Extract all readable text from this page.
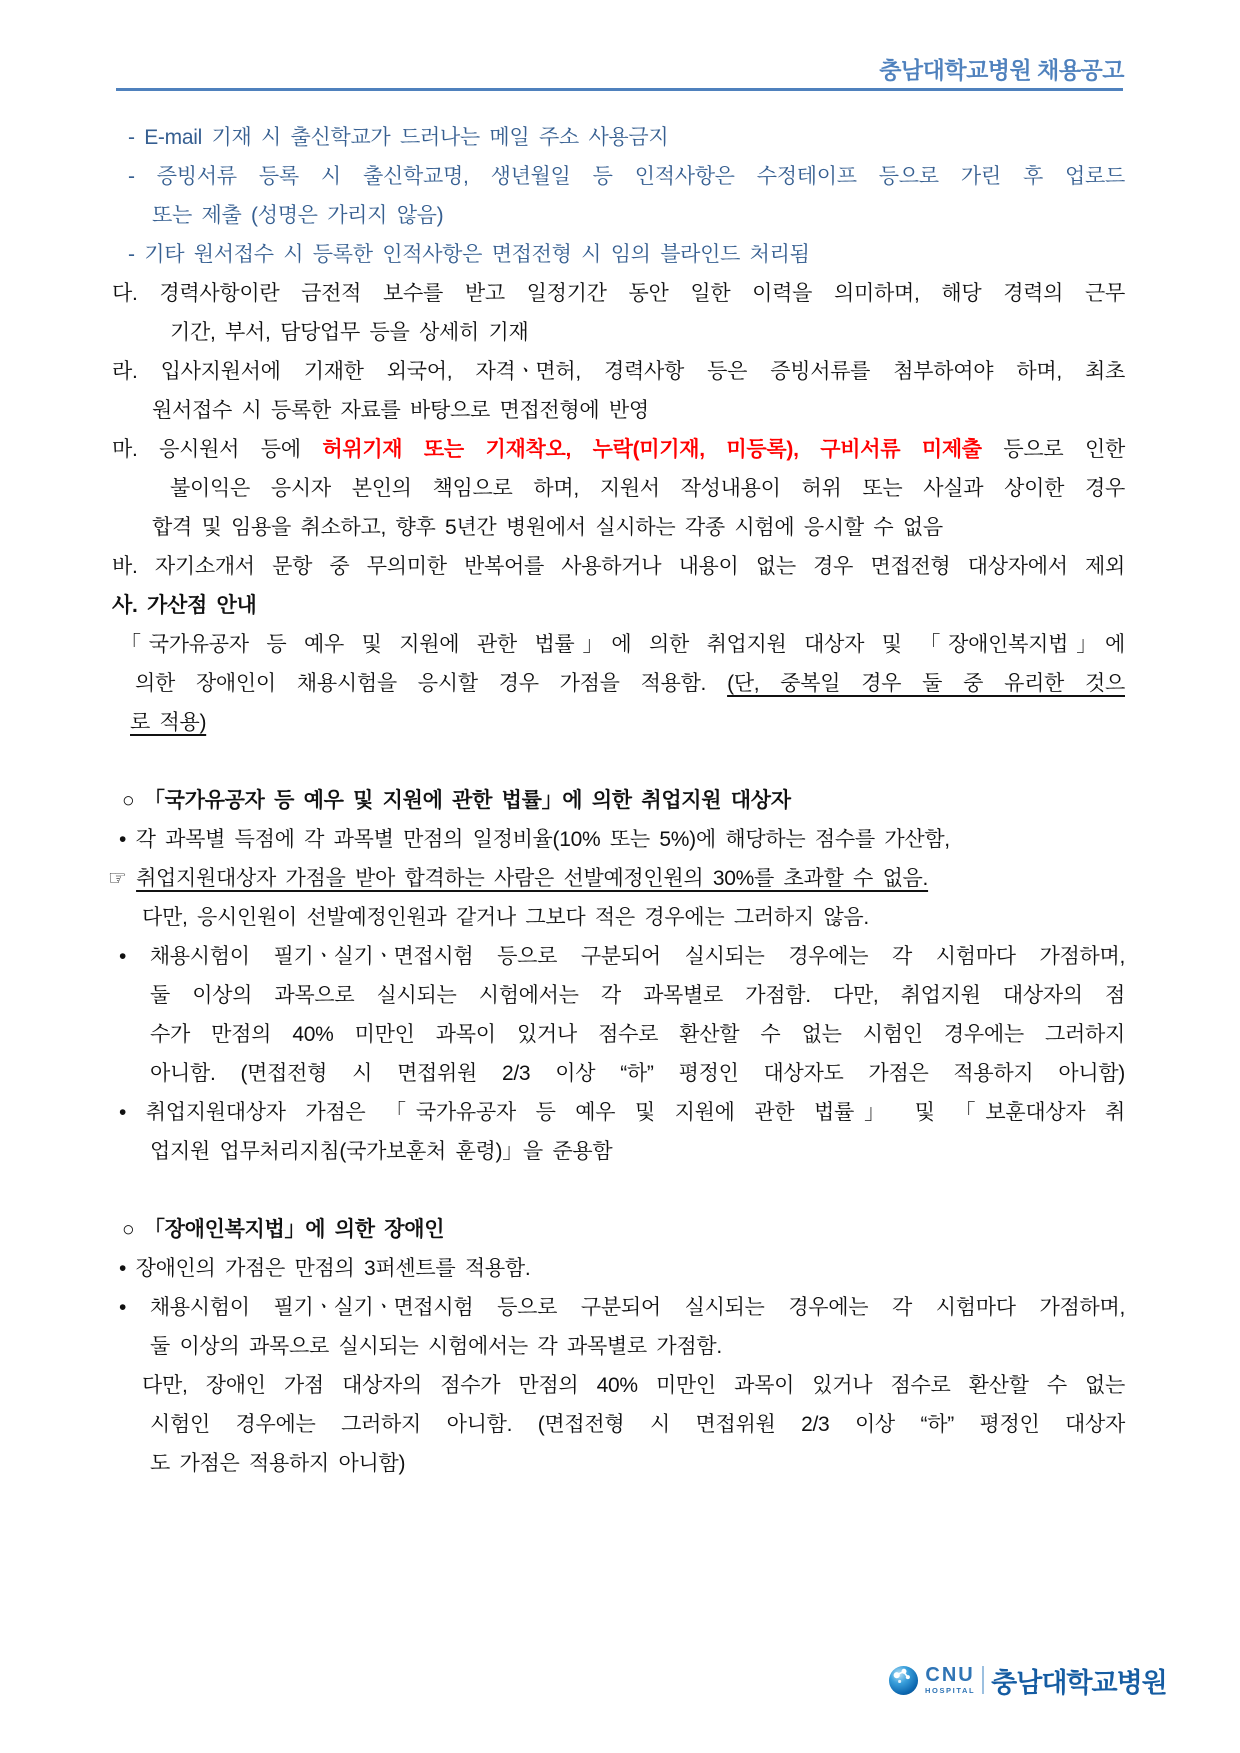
충남대학교병원 채용공고
- E-mail 기재 시 출신학교가 드러나는 메일 주소 사용금지
- 증빙서류 등록 시 출신학교명, 생년월일 등 인적사항은 수정테이프 등으로 가린 후 업로드
또는 제출 (성명은 가리지 않음)
- 기타 원서접수 시 등록한 인적사항은 면접전형 시 임의 블라인드 처리됨
다. 경력사항이란 금전적 보수를 받고 일정기간 동안 일한 이력을 의미하며, 해당 경력의 근무
기간, 부서, 담당업무 등을 상세히 기재
라. 입사지원서에 기재한 외국어, 자격ㆍ면허, 경력사항 등은 증빙서류를 첨부하여야 하며, 최초
원서접수 시 등록한 자료를 바탕으로 면접전형에 반영
마. 응시원서 등에 허위기재 또는 기재착오, 누락(미기재, 미등록), 구비서류 미제출 등으로 인한
불이익은 응시자 본인의 책임으로 하며, 지원서 작성내용이 허위 또는 사실과 상이한 경우
합격 및 임용을 취소하고, 향후 5년간 병원에서 실시하는 각종 시험에 응시할 수 없음
바. 자기소개서 문항 중 무의미한 반복어를 사용하거나 내용이 없는 경우 면접전형 대상자에서 제외
사. 가산점 안내
「국가유공자 등 예우 및 지원에 관한 법률」에 의한 취업지원 대상자 및 「장애인복지법」에
의한 장애인이 채용시험을 응시할 경우 가점을 적용함. (단, 중복일 경우 둘 중 유리한 것으
로 적용)
○ 「국가유공자 등 예우 및 지원에 관한 법률」에 의한 취업지원 대상자
• 각 과목별 득점에 각 과목별 만점의 일정비율(10% 또는 5%)에 해당하는 점수를 가산함,
☞ 취업지원대상자 가점을 받아 합격하는 사람은 선발예정인원의 30%를 초과할 수 없음.
다만, 응시인원이 선발예정인원과 같거나 그보다 적은 경우에는 그러하지 않음.
• 채용시험이 필기ㆍ실기ㆍ면접시험 등으로 구분되어 실시되는 경우에는 각 시험마다 가점하며,
둘 이상의 과목으로 실시되는 시험에서는 각 과목별로 가점함. 다만, 취업지원 대상자의 점
수가 만점의 40% 미만인 과목이 있거나 점수로 환산할 수 없는 시험인 경우에는 그러하지
아니함. (면접전형 시 면접위원 2/3 이상 “하” 평정인 대상자도 가점은 적용하지 아니함)
• 취업지원대상자 가점은 「국가유공자 등 예우 및 지원에 관한 법률」 및 「보훈대상자 취
업지원 업무처리지침(국가보훈처 훈령)」을 준용함
○ 「장애인복지법」에 의한 장애인
• 장애인의 가점은 만점의 3퍼센트를 적용함.
• 채용시험이 필기ㆍ실기ㆍ면접시험 등으로 구분되어 실시되는 경우에는 각 시험마다 가점하며,
둘 이상의 과목으로 실시되는 시험에서는 각 과목별로 가점함.
다만, 장애인 가점 대상자의 점수가 만점의 40% 미만인 과목이 있거나 점수로 환산할 수 없는
시험인 경우에는 그러하지 아니함. (면접전형 시 면접위원 2/3 이상 “하” 평정인 대상자
도 가점은 적용하지 아니함)
CNU
HOSPITAL 충남대학교병원
